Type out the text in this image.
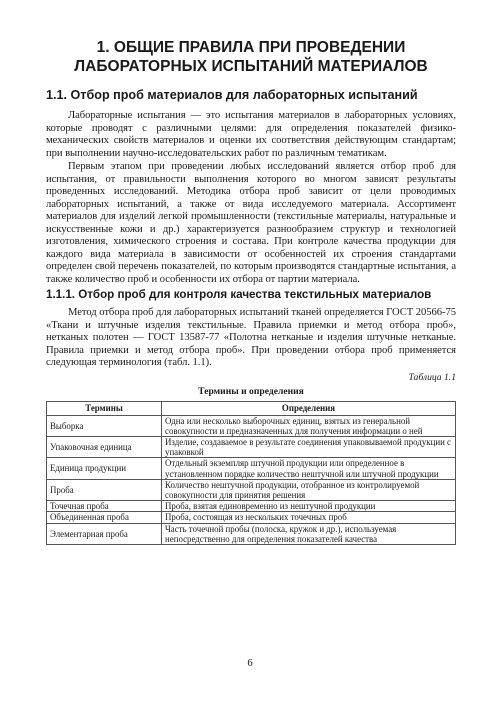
1. ОБЩИЕ ПРАВИЛА ПРИ ПРОВЕДЕНИИ
ЛАБОРАТОРНЫХ ИСПЫТАНИЙ МАТЕРИАЛОВ
1.1. Отбор проб материалов для лабораторных испытаний

Лабораторные испытания — это испытания материалов в лабораторных условиях, которые проводят с различными целями: для определения показателей физико-механических свойств материалов и оценки их соответствия действующим стандартам; при выполнении научно-исследовательских работ по различным тематикам.

Первым этапом при проведении любых исследований является отбор проб для испытания, от правильности выполнения которого во многом зависят результаты проведенных исследований. Методика отбора проб зависит от цели проводимых лабораторных испытаний, а также от вида исследуемого материала. Ассортимент материалов для изделий легкой промышленности (текстильные материалы, натуральные и искусственные кожи и др.) характеризуется разнообразием структур и технологией изготовления, химического строения и состава. При контроле качества продукции для каждого вида материала в зависимости от особенностей их строения стандартами определен свой перечень показателей, по которым производятся стандартные испытания, а также количество проб и особенности их отбора от партии материала.

1.1.1. Отбор проб для контроля качества текстильных материалов

Метод отбора проб для лабораторных испытаний тканей определяется ГОСТ 20566-75 «Ткани и штучные изделия текстильные. Правила приемки и метод отбора проб», нетканых полотен — ГОСТ 13587-77 «Полотна нетканые и изделия штучные нетканые. Правила приемки и метод отбора проб». При проведении отбора проб применяется следующая терминология (табл. 1.1).

Таблица 1.1
Термины и определения
Термины	Определения
Выборка	Одна или несколько выборочных единиц, взятых из генеральной совокупности и предназначенных для получения информации о ней
Упаковочная единица	Изделие, создаваемое в результате соединения упаковываемой продукции с упаковкой
Единица продукции	Отдельный экземпляр штучной продукции или определенное в установленном порядке количество нештучной или штучной продукции
Проба	Количество нештучной продукции, отобранное из контролируемой совокупности для принятия решения
Точечная проба	Проба, взятая единовременно из нештучной продукции
Объединенная проба	Проба, состоящая из нескольких точечных проб
Элементарная проба	Часть точечной пробы (полоска, кружок и др.), используемая непосредственно для определения показателей качества
6
